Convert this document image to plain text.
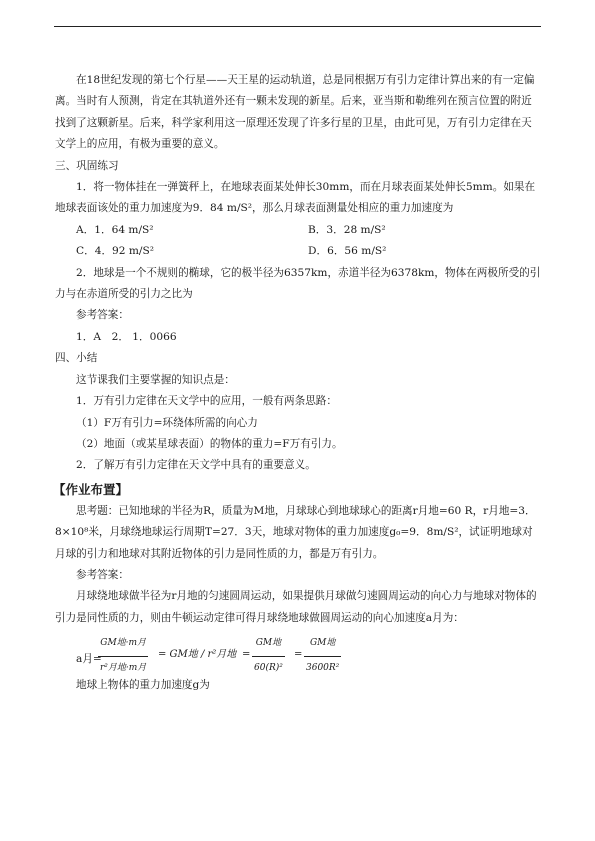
在18世纪发现的第七个行星——天王星的运动轨道，总是同根据万有引力定律计算出来的有一定偏离。当时有人预测，肯定在其轨道外还有一颗未发现的新星。后来，亚当斯和勒维列在预言位置的附近找到了这颗新星。后来，科学家利用这一原理还发现了许多行星的卫星，由此可见，万有引力定律在天文学上的应用，有极为重要的意义。

三、巩固练习

1．将一物体挂在一弹簧秤上，在地球表面某处伸长30mm，而在月球表面某处伸长5mm。如果在地球表面该处的重力加速度为9．84 m/S²，那么月球表面测量处相应的重力加速度为

A．1．64 m/S²	B．3．28 m/S²
C．4．92 m/S²	D．6．56 m/S²

2．地球是一个不规则的椭球，它的极半径为6357km，赤道半径为6378km，物体在两极所受的引力与在赤道所受的引力之比为

参考答案：

1．A　2． 1．0066

四、小结

这节课我们主要掌握的知识点是：

1．万有引力定律在天文学中的应用，一般有两条思路：

（1）F万有引力=环绕体所需的向心力

（2）地面（或某星球表面）的物体的重力=F万有引力。

2．了解万有引力定律在天文学中具有的重要意义。

【作业布置】

思考题：已知地球的半径为R，质量为M地，月球球心到地球球心的距离r月地=60 R，r月地=3．8×10⁸米，月球绕地球运行周期T=27．3天，地球对物体的重力加速度g₀=9．8m/S²，试证明地球对月球的引力和地球对其附近物体的引力是同性质的力，都是万有引力。

参考答案：

月球绕地球做半径为r月地的匀速圆周运动，如果提供月球做匀速圆周运动的向心力与地球对物体的引力是同性质的力，则由牛顿运动定律可得月球绕地球做圆周运动的向心加速度a月为：

a月=
GM地·m月
r²月地·m月
= GM地 / r²月地 =
GM地
60(R)²
=
GM地
3600R²

地球上物体的重力加速度g为
